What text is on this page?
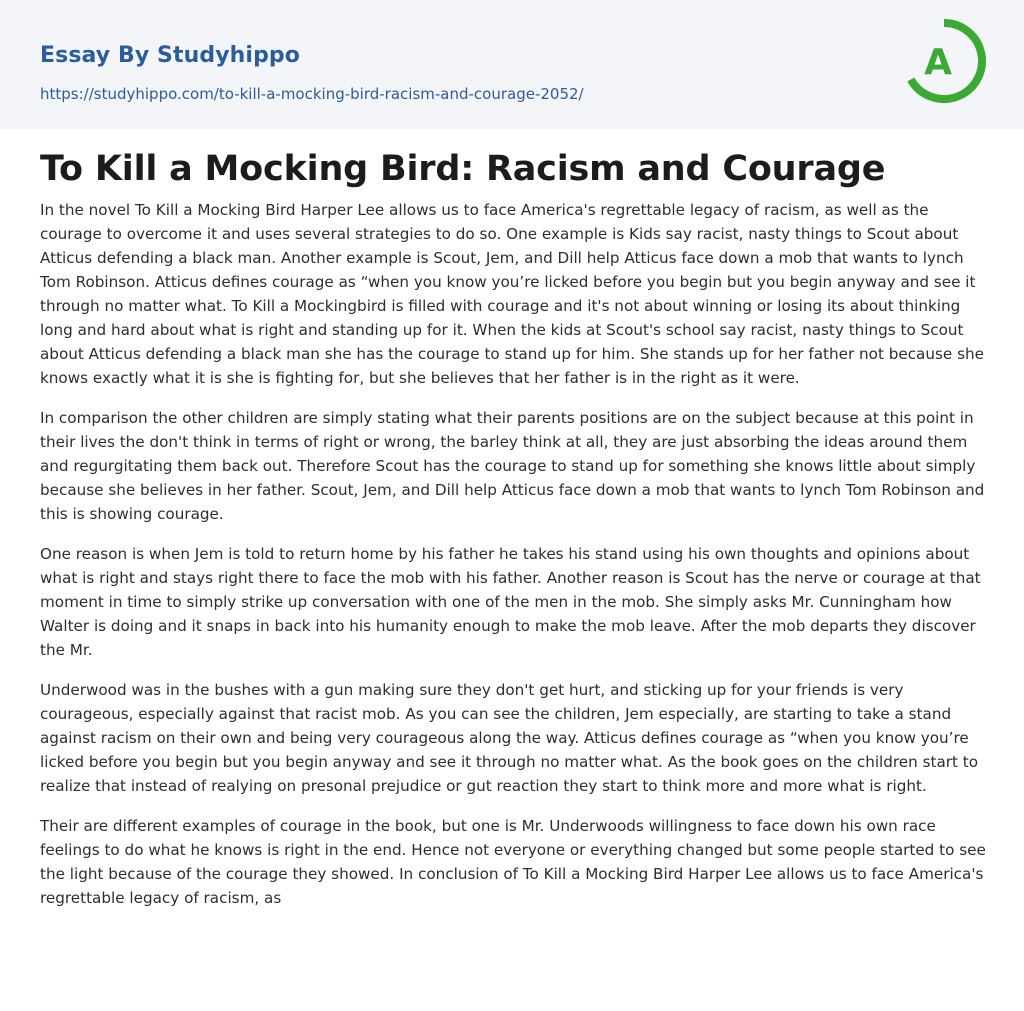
Essay By Studyhippo
https://studyhippo.com/to-kill-a-mocking-bird-racism-and-courage-2052/
A
To Kill a Mocking Bird: Racism and Courage

In the novel To Kill a Mocking Bird Harper Lee allows us to face America's regrettable legacy of racism, as well as the courage to overcome it and uses several strategies to do so. One example is Kids say racist, nasty things to Scout about Atticus defending a black man. Another example is Scout, Jem, and Dill help Atticus face down a mob that wants to lynch Tom Robinson. Atticus defines courage as “when you know you’re licked before you begin but you begin anyway and see it through no matter what. To Kill a Mockingbird is filled with courage and it's not about winning or losing its about thinking long and hard about what is right and standing up for it. When the kids at Scout's school say racist, nasty things to Scout about Atticus defending a black man she has the courage to stand up for him. She stands up for her father not because she knows exactly what it is she is fighting for, but she believes that her father is in the right as it were.

In comparison the other children are simply stating what their parents positions are on the subject because at this point in their lives the don't think in terms of right or wrong, the barley think at all, they are just absorbing the ideas around them and regurgitating them back out. Therefore Scout has the courage to stand up for something she knows little about simply because she believes in her father. Scout, Jem, and Dill help Atticus face down a mob that wants to lynch Tom Robinson and this is showing courage.

One reason is when Jem is told to return home by his father he takes his stand using his own thoughts and opinions about what is right and stays right there to face the mob with his father. Another reason is Scout has the nerve or courage at that moment in time to simply strike up conversation with one of the men in the mob. She simply asks Mr. Cunningham how Walter is doing and it snaps in back into his humanity enough to make the mob leave. After the mob departs they discover the Mr.

Underwood was in the bushes with a gun making sure they don't get hurt, and sticking up for your friends is very courageous, especially against that racist mob. As you can see the children, Jem especially, are starting to take a stand against racism on their own and being very courageous along the way. Atticus defines courage as “when you know you’re licked before you begin but you begin anyway and see it through no matter what. As the book goes on the children start to realize that instead of realying on presonal prejudice or gut reaction they start to think more and more what is right.

Their are different examples of courage in the book, but one is Mr. Underwoods willingness to face down his own race feelings to do what he knows is right in the end. Hence not everyone or everything changed but some people started to see the light because of the courage they showed. In conclusion of To Kill a Mocking Bird Harper Lee allows us to face America's regrettable legacy of racism, as
